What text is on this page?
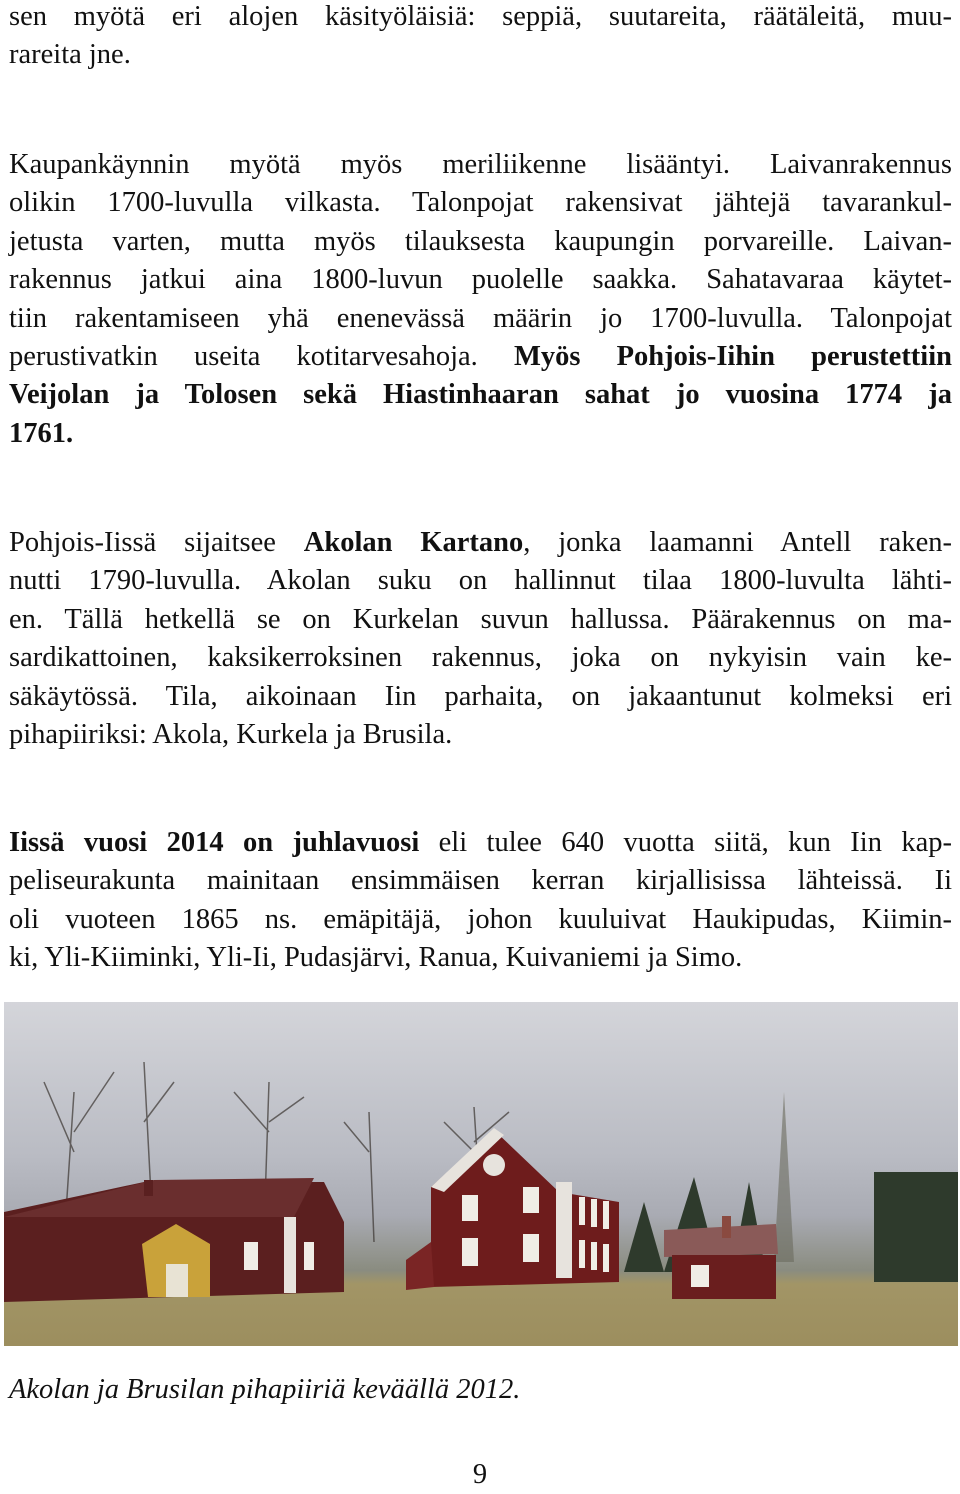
sen myötä eri alojen käsityöläisiä: seppiä, suutareita, räätäleitä, muu-
rareita jne.
Kaupankäynnin myötä myös meriliikenne lisääntyi. Laivanrakennus
olikin 1700-luvulla vilkasta. Talonpojat rakensivat jähtejä tavarankul-
jetusta varten, mutta myös tilauksesta kaupungin porvareille. Laivan-
rakennus jatkui aina 1800-luvun puolelle saakka. Sahatavaraa käytet-
tiin rakentamiseen yhä enenevässä määrin jo 1700-luvulla. Talonpojat
perustivatkin useita kotitarvesahoja. Myös Pohjois-Iihin perustettiin
Veijolan ja Tolosen sekä Hiastinhaaran sahat jo vuosina 1774 ja
1761.
Pohjois-Iissä sijaitsee Akolan Kartano, jonka laamanni Antell raken-
nutti 1790-luvulla. Akolan suku on hallinnut tilaa 1800-luvulta lähti-
en. Tällä hetkellä se on Kurkelan suvun hallussa. Päärakennus on ma-
sardikattoinen, kaksikerroksinen rakennus, joka on nykyisin vain ke-
säkäytössä. Tila, aikoinaan Iin parhaita, on jakaantunut kolmeksi eri
pihapiiriksi: Akola, Kurkela ja Brusila.
Iissä vuosi 2014 on juhlavuosi eli tulee 640 vuotta siitä, kun Iin kap-
peliseurakunta mainitaan ensimmäisen kerran kirjallisissa lähteissä. Ii
oli vuoteen 1865 ns. emäpitäjä, johon kuuluivat Haukipudas, Kiimin-
ki, Yli-Kiiminki, Yli-Ii, Pudasjärvi, Ranua, Kuivaniemi ja Simo.
Akolan ja Brusilan pihapiiriä keväällä 2012.
9
